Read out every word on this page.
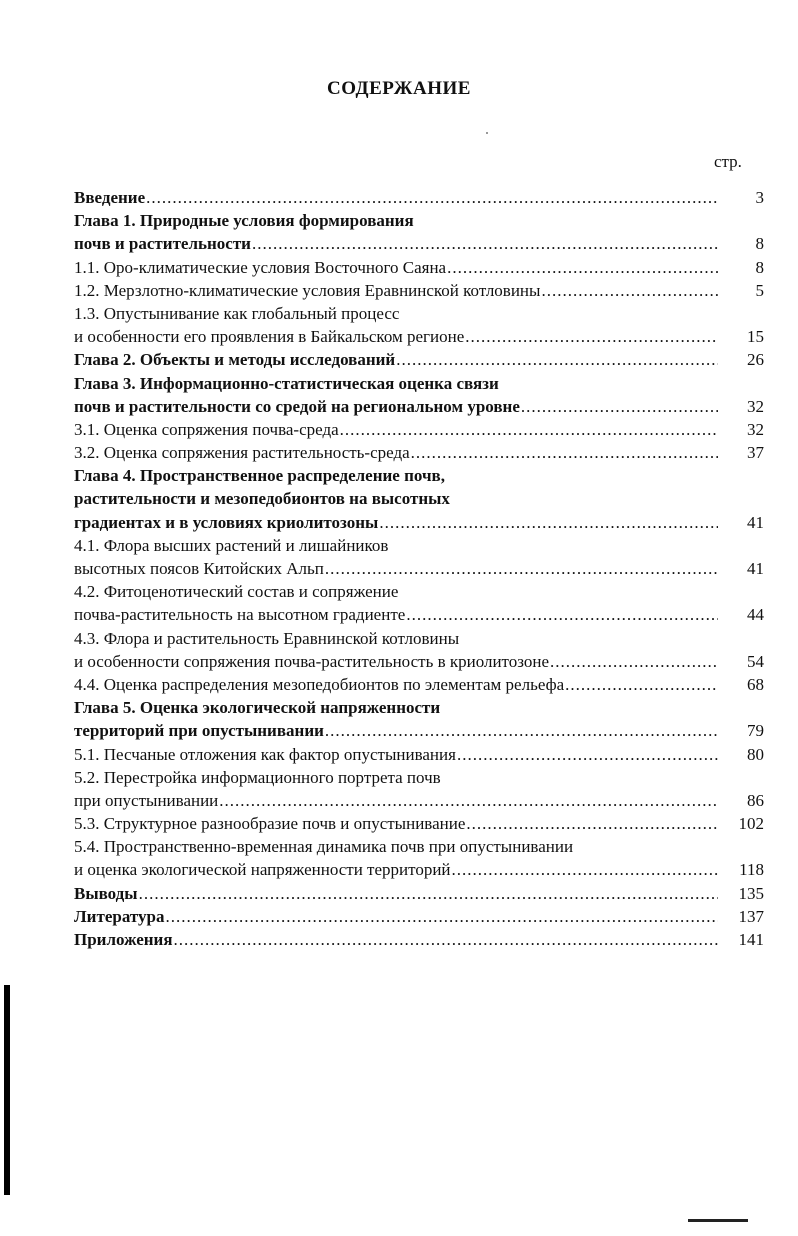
СОДЕРЖАНИЕ
стр.
Введение .....	3
Глава 1. Природные условия формирования
почв и растительности .....	8
1.1. Оро-климатические условия Восточного Саяна .....	8
1.2. Мерзлотно-климатические условия Еравнинской котловины .....	5
1.3. Опустынивание как глобальный процесс
и особенности его проявления в Байкальском регионе .....	15
Глава 2. Объекты и методы исследований .....	26
Глава 3. Информационно-статистическая оценка связи
почв и растительности со средой на региональном уровне .....	32
3.1. Оценка сопряжения почва-среда .....	32
3.2. Оценка сопряжения растительность-среда .....	37
Глава 4. Пространственное распределение почв,
растительности и мезопедобионтов на высотных
градиентах и в условиях криолитозоны .....	41
4.1. Флора высших растений и лишайников
высотных поясов Китойских Альп .....	41
4.2. Фитоценотический состав и сопряжение
почва-растительность на высотном градиенте .....	44
4.3. Флора и растительность Еравнинской котловины
и особенности сопряжения почва-растительность в криолитозоне .....	54
4.4. Оценка распределения мезопедобионтов по элементам рельефа .....	68
Глава 5. Оценка экологической напряженности
территорий при опустынивании .....	79
5.1. Песчаные отложения как фактор опустынивания .....	80
5.2. Перестройка информационного портрета почв
при опустынивании .....	86
5.3. Структурное разнообразие почв и опустынивание .....	102
5.4. Пространственно-временная динамика почв при опустынивании
и оценка экологической напряженности территорий .....	118
Выводы .....	135
Литература .....	137
Приложения .....	141
